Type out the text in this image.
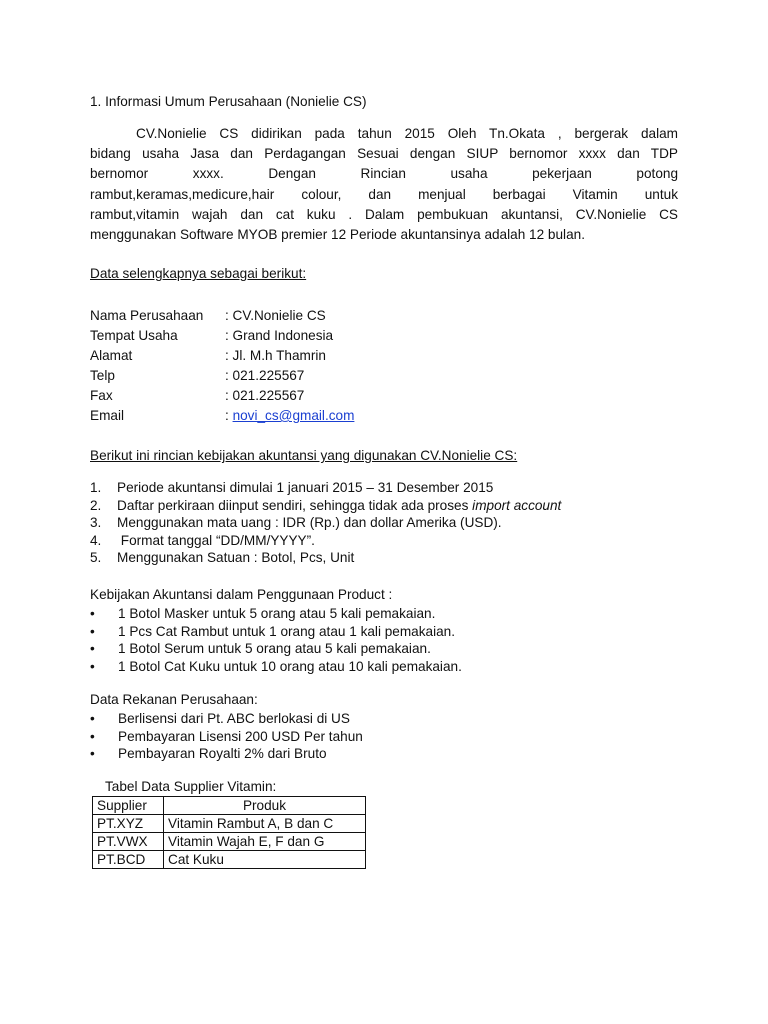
1. Informasi Umum Perusahaan (Nonielie CS)
CV.Nonielie CS didirikan pada tahun 2015 Oleh Tn.Okata , bergerak dalam
bidang usaha Jasa dan Perdagangan Sesuai dengan SIUP bernomor xxxx dan TDP
bernomor xxxx. Dengan Rincian usaha pekerjaan potong
rambut,keramas,medicure,hair colour, dan menjual berbagai Vitamin untuk
rambut,vitamin wajah dan cat kuku . Dalam pembukuan akuntansi, CV.Nonielie CS
menggunakan Software MYOB premier 12 Periode akuntansinya adalah 12 bulan.
Data selengkapnya sebagai berikut:
Nama Perusahaan	: CV.Nonielie CS
Tempat Usaha	: Grand Indonesia
Alamat	: Jl. M.h Thamrin
Telp	: 021.225567
Fax	: 021.225567
Email	: novi_cs@gmail.com
Berikut ini rincian kebijakan akuntansi yang digunakan CV.Nonielie CS:
1.	Periode akuntansi dimulai 1 januari 2015 – 31 Desember 2015
2.	Daftar perkiraan diinput sendiri, sehingga tidak ada proses import account
3.	Menggunakan mata uang : IDR (Rp.) dan dollar Amerika (USD).
4.	Format tanggal “DD/MM/YYYY”.
5.	Menggunakan Satuan : Botol, Pcs, Unit
Kebijakan Akuntansi dalam Penggunaan Product :
•	1 Botol Masker untuk 5 orang atau 5 kali pemakaian.
•	1 Pcs Cat Rambut untuk 1 orang atau 1 kali pemakaian.
•	1 Botol Serum untuk 5 orang atau 5 kali pemakaian.
•	1 Botol Cat Kuku untuk 10 orang atau 10 kali pemakaian.
Data Rekanan Perusahaan:
•	Berlisensi dari Pt. ABC berlokasi di US
•	Pembayaran Lisensi 200 USD Per tahun
•	Pembayaran Royalti 2% dari Bruto
Tabel Data Supplier Vitamin:
Supplier	Produk
PT.XYZ	Vitamin Rambut A, B dan C
PT.VWX	Vitamin Wajah E, F dan G
PT.BCD	Cat Kuku
